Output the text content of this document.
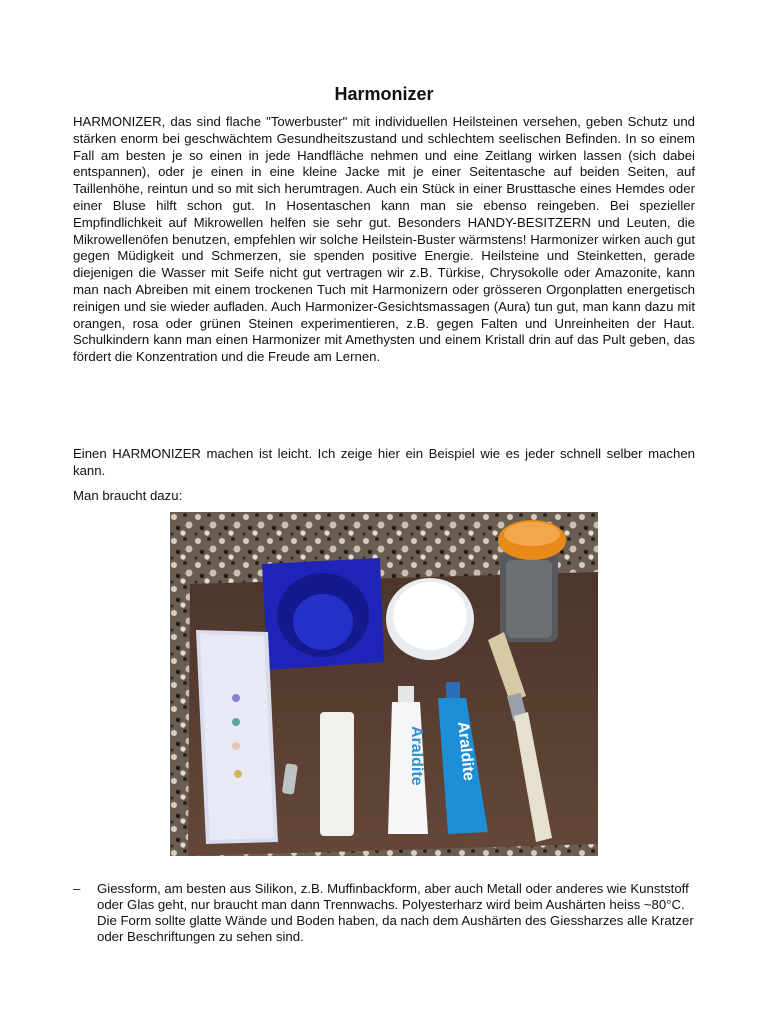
Harmonizer

HARMONIZER, das sind flache "Towerbuster" mit individuellen Heilsteinen versehen, geben Schutz und stärken enorm bei geschwächtem Gesundheitszustand und schlechtem seelischen Befinden. In so einem Fall am besten je so einen in jede Handfläche nehmen und eine Zeitlang wirken lassen (sich dabei entspannen), oder je einen in eine kleine Jacke mit je einer Seitentasche auf beiden Seiten, auf Taillenhöhe, reintun und so mit sich herumtragen. Auch ein Stück in einer Brusttasche eines Hemdes oder einer Bluse hilft schon gut. In Hosentaschen kann man sie ebenso reingeben. Bei spezieller Empfindlichkeit auf Mikrowellen helfen sie sehr gut. Besonders HANDY-BESITZERN und Leuten, die Mikrowellenöfen benutzen, empfehlen wir solche Heilstein-Buster wärmstens! Harmonizer wirken auch gut gegen Müdigkeit und Schmerzen, sie spenden positive Energie. Heilsteine und Steinketten, gerade diejenigen die Wasser mit Seife nicht gut vertragen wir z.B. Türkise, Chrysokolle oder Amazonite, kann man nach Abreiben mit einem trockenen Tuch mit Harmonizern oder grösseren Orgonplatten energetisch reinigen und sie wieder aufladen. Auch Harmonizer-Gesichtsmassagen (Aura) tun gut, man kann dazu mit orangen, rosa oder grünen Steinen experimentieren, z.B. gegen Falten und Unreinheiten der Haut. Schulkindern kann man einen Harmonizer mit Amethysten und einem Kristall drin auf das Pult geben, das fördert die Konzentration und die Freude am Lernen.

Einen HARMONIZER machen ist leicht. Ich zeige hier ein Beispiel wie es jeder schnell selber machen kann.

Man braucht dazu:

Araldite Araldite
– Giessform, am besten aus Silikon, z.B. Muffinbackform, aber auch Metall oder anderes wie Kunststoff oder Glas geht, nur braucht man dann Trennwachs. Polyesterharz wird beim Aushärten heiss ~80°C. Die Form sollte glatte Wände und Boden haben, da nach dem Aushärten des Giessharzes alle Kratzer oder Beschriftungen zu sehen sind.
